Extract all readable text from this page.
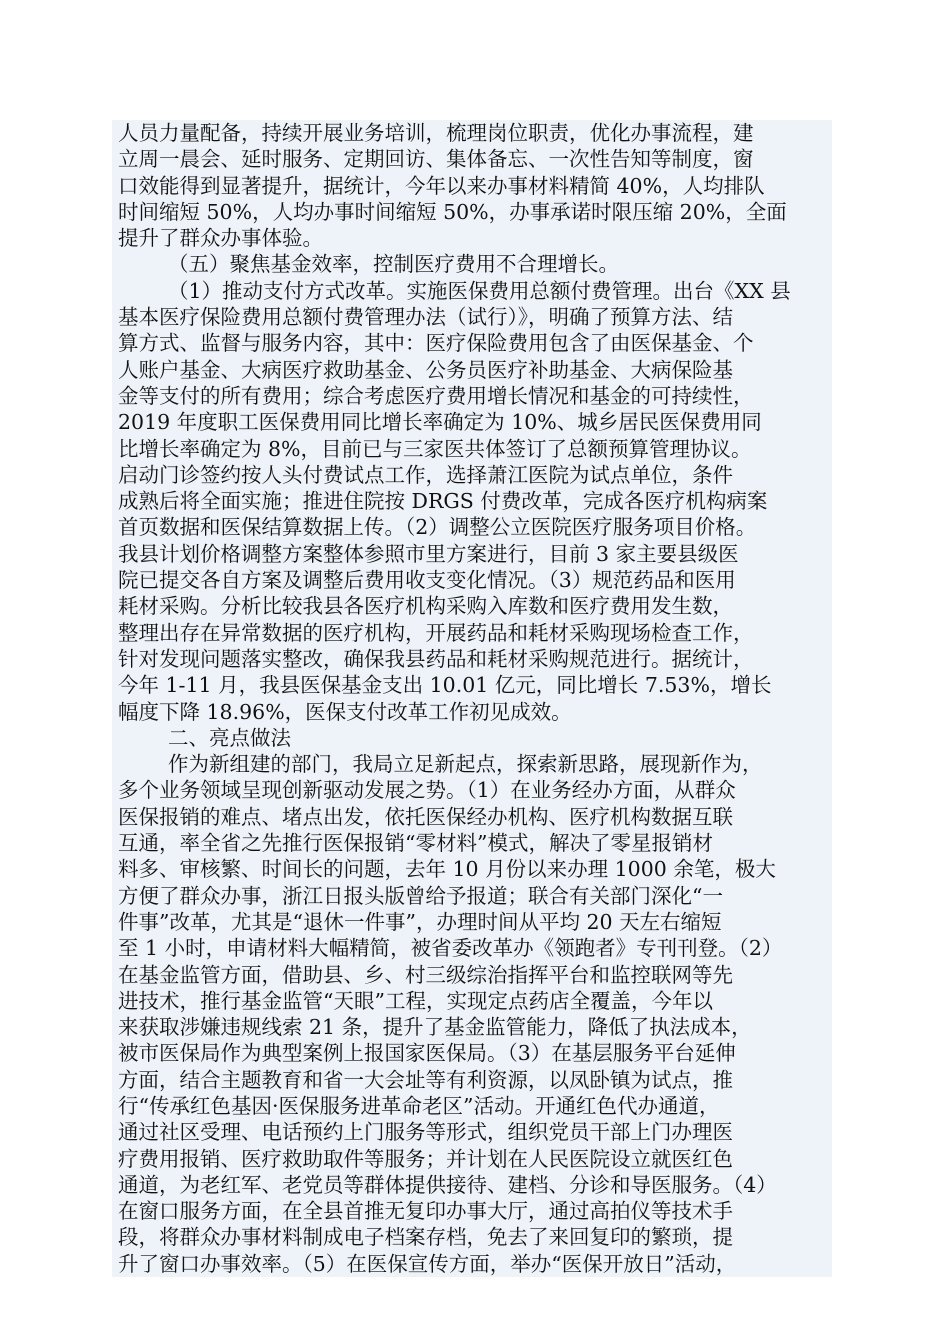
人员力量配备，持续开展业务培训，梳理岗位职责，优化办事流程，建
立周一晨会、延时服务、定期回访、集体备忘、一次性告知等制度，窗
口效能得到显著提升，据统计，今年以来办事材料精简 40%，人均排队
时间缩短 50%，人均办事时间缩短 50%，办事承诺时限压缩 20%，全面
提升了群众办事体验。
（五）聚焦基金效率，控制医疗费用不合理增长。
（1）推动支付方式改革。实施医保费用总额付费管理。出台《XX 县
基本医疗保险费用总额付费管理办法（试行）》，明确了预算方法、结
算方式、监督与服务内容，其中：医疗保险费用包含了由医保基金、个
人账户基金、大病医疗救助基金、公务员医疗补助基金、大病保险基
金等支付的所有费用；综合考虑医疗费用增长情况和基金的可持续性，
2019 年度职工医保费用同比增长率确定为 10%、城乡居民医保费用同
比增长率确定为 8%，目前已与三家医共体签订了总额预算管理协议。
启动门诊签约按人头付费试点工作，选择萧江医院为试点单位，条件
成熟后将全面实施；推进住院按 DRGS 付费改革，完成各医疗机构病案
首页数据和医保结算数据上传。（2）调整公立医院医疗服务项目价格。
我县计划价格调整方案整体参照市里方案进行，目前 3 家主要县级医
院已提交各自方案及调整后费用收支变化情况。（3）规范药品和医用
耗材采购。分析比较我县各医疗机构采购入库数和医疗费用发生数，
整理出存在异常数据的医疗机构，开展药品和耗材采购现场检查工作，
针对发现问题落实整改，确保我县药品和耗材采购规范进行。据统计，
今年 1-11 月，我县医保基金支出 10.01 亿元，同比增长 7.53%，增长
幅度下降 18.96%，医保支付改革工作初见成效。
二、亮点做法
作为新组建的部门，我局立足新起点，探索新思路，展现新作为，
多个业务领域呈现创新驱动发展之势。（1）在业务经办方面，从群众
医保报销的难点、堵点出发，依托医保经办机构、医疗机构数据互联
互通，率全省之先推行医保报销“零材料”模式，解决了零星报销材
料多、审核繁、时间长的问题，去年 10 月份以来办理 1000 余笔，极大
方便了群众办事，浙江日报头版曾给予报道；联合有关部门深化“一
件事”改革，尤其是“退休一件事”，办理时间从平均 20 天左右缩短
至 1 小时，申请材料大幅精简，被省委改革办《领跑者》专刊刊登。（2）
在基金监管方面，借助县、乡、村三级综治指挥平台和监控联网等先
进技术，推行基金监管“天眼”工程，实现定点药店全覆盖，今年以
来获取涉嫌违规线索 21 条，提升了基金监管能力，降低了执法成本，
被市医保局作为典型案例上报国家医保局。（3）在基层服务平台延伸
方面，结合主题教育和省一大会址等有利资源，以凤卧镇为试点，推
行“传承红色基因·医保服务进革命老区”活动。开通红色代办通道，
通过社区受理、电话预约上门服务等形式，组织党员干部上门办理医
疗费用报销、医疗救助取件等服务；并计划在人民医院设立就医红色
通道，为老红军、老党员等群体提供接待、建档、分诊和导医服务。（4）
在窗口服务方面，在全县首推无复印办事大厅，通过高拍仪等技术手
段，将群众办事材料制成电子档案存档，免去了来回复印的繁琐，提
升了窗口办事效率。（5）在医保宣传方面，举办“医保开放日”活动，
